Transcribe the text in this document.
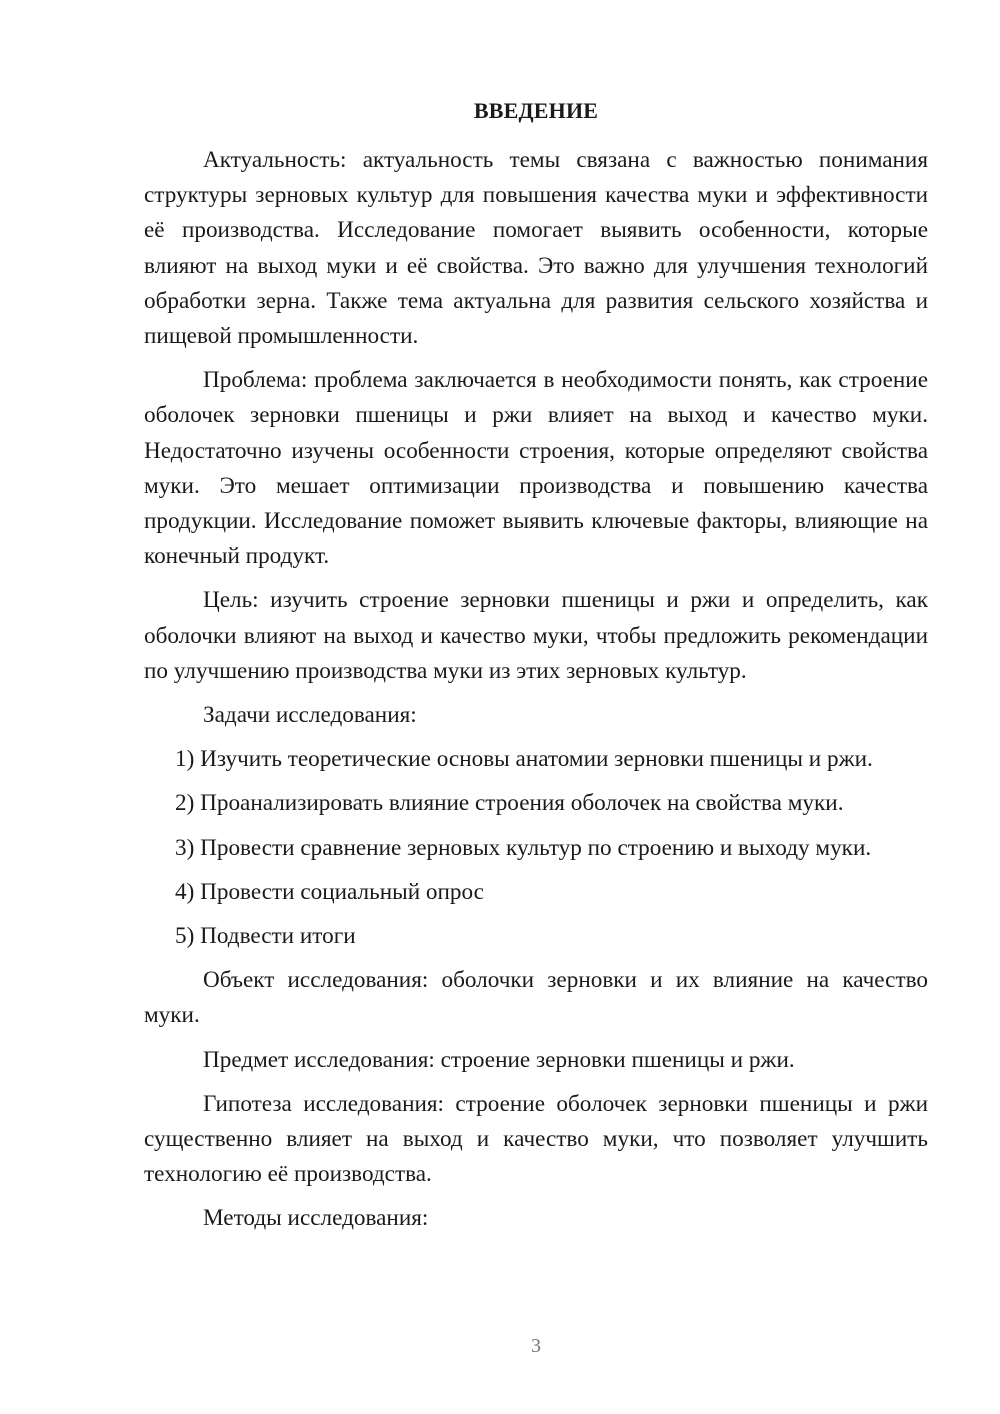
ВВЕДЕНИЕ

Актуальность: актуальность темы связана с важностью понимания структуры зерновых культур для повышения качества муки и эффективности её производства. Исследование помогает выявить особенности, которые влияют на выход муки и её свойства. Это важно для улучшения технологий обработки зерна. Также тема актуальна для развития сельского хозяйства и пищевой промышленности.

Проблема: проблема заключается в необходимости понять, как строение оболочек зерновки пшеницы и ржи влияет на выход и качество муки. Недостаточно изучены особенности строения, которые определяют свойства муки. Это мешает оптимизации производства и повышению качества продукции. Исследование поможет выявить ключевые факторы, влияющие на конечный продукт.

Цель: изучить строение зерновки пшеницы и ржи и определить, как оболочки влияют на выход и качество муки, чтобы предложить рекомендации по улучшению производства муки из этих зерновых культур.

Задачи исследования:

1) Изучить теоретические основы анатомии зерновки пшеницы и ржи.

2) Проанализировать влияние строения оболочек на свойства муки.

3) Провести сравнение зерновых культур по строению и выходу муки.

4) Провести социальный опрос

5) Подвести итоги

Объект исследования: оболочки зерновки и их влияние на качество муки.

Предмет исследования: строение зерновки пшеницы и ржи.

Гипотеза исследования: строение оболочек зерновки пшеницы и ржи существенно влияет на выход и качество муки, что позволяет улучшить технологию её производства.

Методы исследования:

3
